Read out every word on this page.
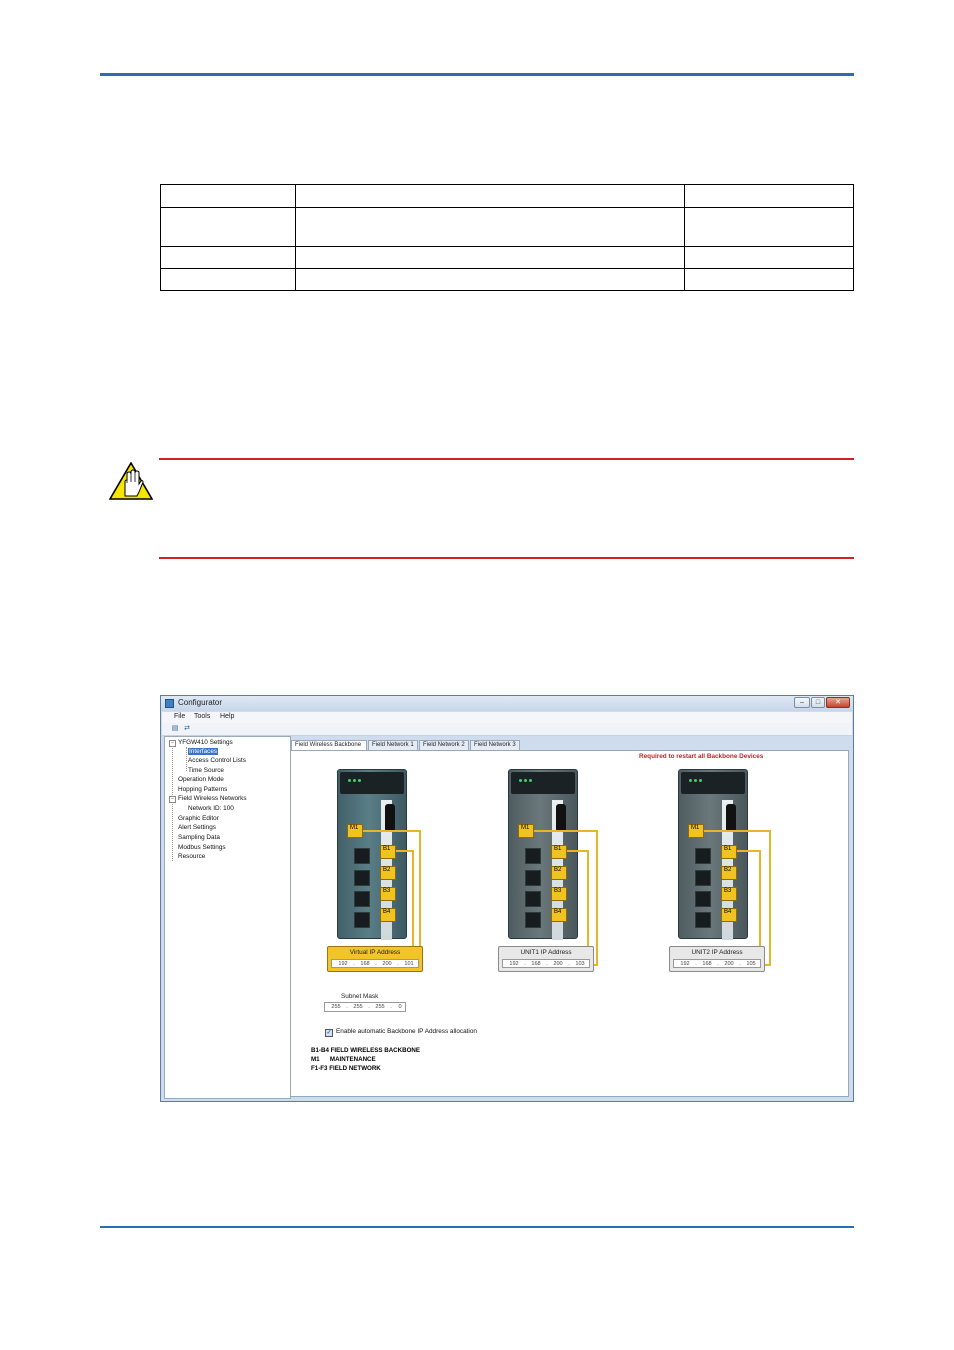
Configurator	–	□	✕
File Tools Help
▤ ⇄
− YFGW410 Settings
Interfaces
Access Control Lists
Time Source
Operation Mode
Hopping Patterns
− Field Wireless Networks
Network ID: 100
Graphic Editor
Alert Settings
Sampling Data
Modbus Settings
Resource
Field Wireless Backbone	Field Network 1	Field Network 2	Field Network 3
Required to restart all Backbone Devices
M1
B1
B2
B3
B4
Virtual IP Address
192 . 168 . 200 . 101
M1
B1
B2
B3
B4
UNIT1 IP Address
192 . 168 . 200 . 103
M1
B1
B2
B3
B4
UNIT2 IP Address
192 . 168 . 200 . 105
Subnet Mask
255 . 255 . 255 .	0
✓ Enable automatic Backbone IP Address allocation
B1-B4 FIELD WIRELESS BACKBONE
M1      MAINTENANCE
F1-F3 FIELD NETWORK
